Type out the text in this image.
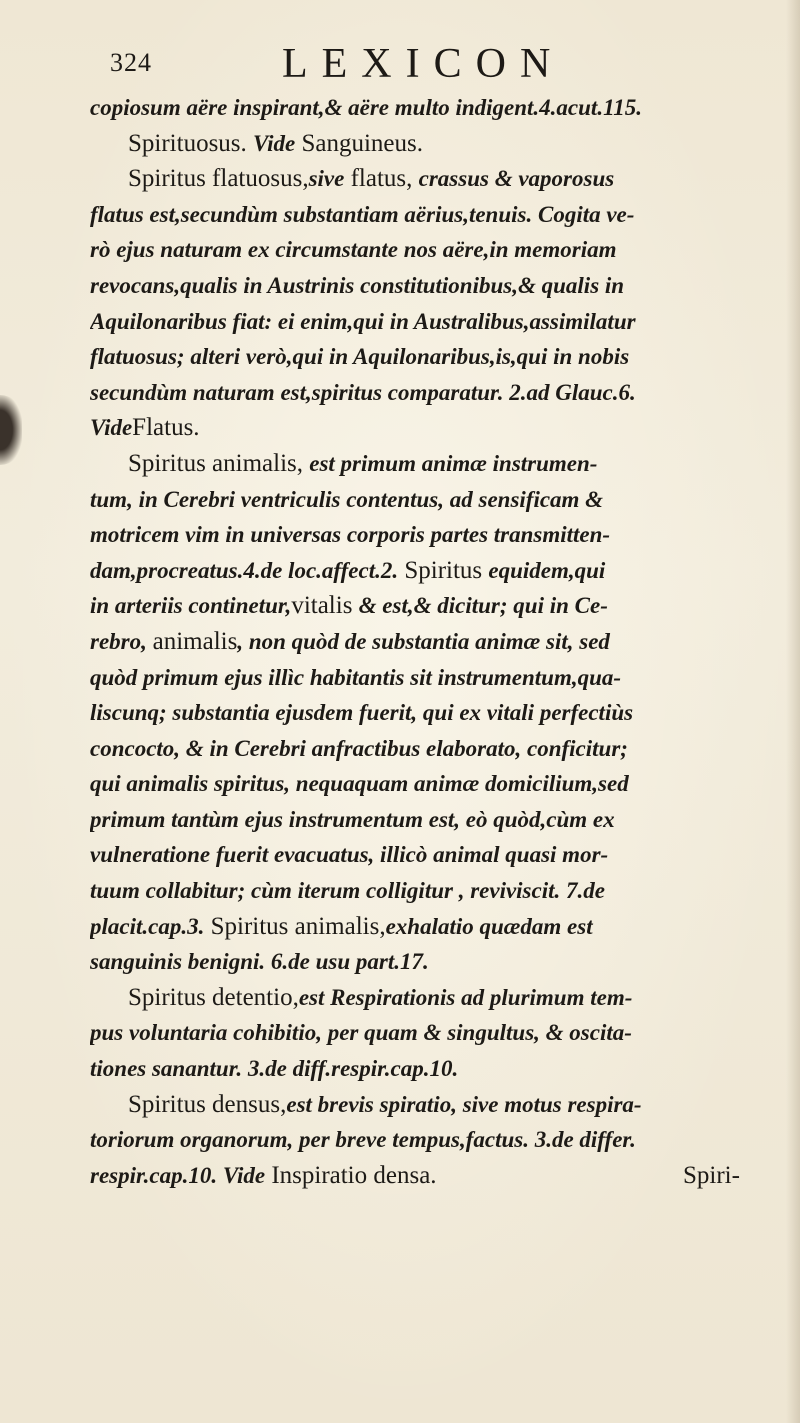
324	LEXICON
copiosum aëre inspirant,& aëre multo indigent.4.acut.115.
Spirituosus. Vide Sanguineus.
Spiritus flatuosus,sive flatus, crassus & vaporosus
flatus est,secundùm substantiam aërius,tenuis. Cogita ve-
rò ejus naturam ex circumstante nos aëre,in memoriam
revocans,qualis in Austrinis constitutionibus,& qualis in
Aquilonaribus fiat: ei enim,qui in Australibus,assimilatur
flatuosus; alteri verò,qui in Aquilonaribus,is,qui in nobis
secundùm naturam est,spiritus comparatur. 2.ad Glauc.6.
VideFlatus.
Spiritus animalis, est primum animæ instrumen-
tum, in Cerebri ventriculis contentus, ad sensificam &
motricem vim in universas corporis partes transmitten-
dam,procreatus.4.de loc.affect.2. Spiritus equidem,qui
in arteriis continetur,vitalis & est,& dicitur; qui in Ce-
rebro, animalis, non quòd de substantia animæ sit, sed
quòd primum ejus illìc habitantis sit instrumentum,qua-
liscunq; substantia ejusdem fuerit, qui ex vitali perfectiùs
concocto, & in Cerebri anfractibus elaborato, conficitur;
qui animalis spiritus, nequaquam animæ domicilium,sed
primum tantùm ejus instrumentum est, eò quòd,cùm ex
vulneratione fuerit evacuatus, illicò animal quasi mor-
tuum collabitur; cùm iterum colligitur , reviviscit. 7.de
placit.cap.3. Spiritus animalis,exhalatio quædam est
sanguinis benigni. 6.de usu part.17.
Spiritus detentio,est Respirationis ad plurimum tem-
pus voluntaria cohibitio, per quam & singultus, & oscita-
tiones sanantur. 3.de diff.respir.cap.10.
Spiritus densus,est brevis spiratio, sive motus respira-
toriorum organorum, per breve tempus,factus. 3.de differ.
respir.cap.10. Vide Inspiratio densa.	Spiri-
